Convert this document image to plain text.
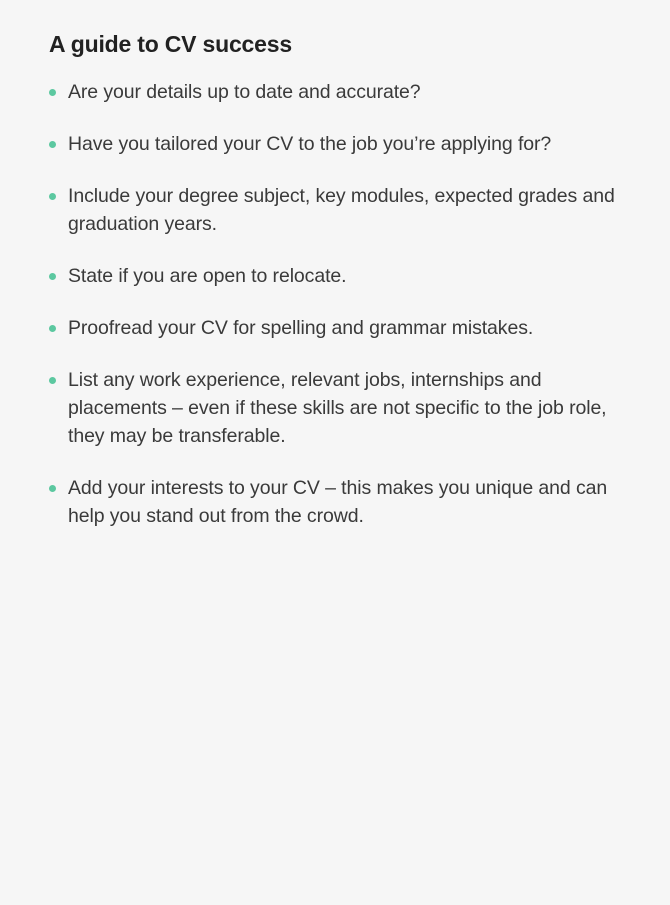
A guide to CV success
Are your details up to date and accurate?
Have you tailored your CV to the job you’re applying for?
Include your degree subject, key modules, expected grades and graduation years.
State if you are open to relocate.
Proofread your CV for spelling and grammar mistakes.
List any work experience, relevant jobs, internships and placements – even if these skills are not specific to the job role, they may be transferable.
Add your interests to your CV – this makes you unique and can help you stand out from the crowd.
